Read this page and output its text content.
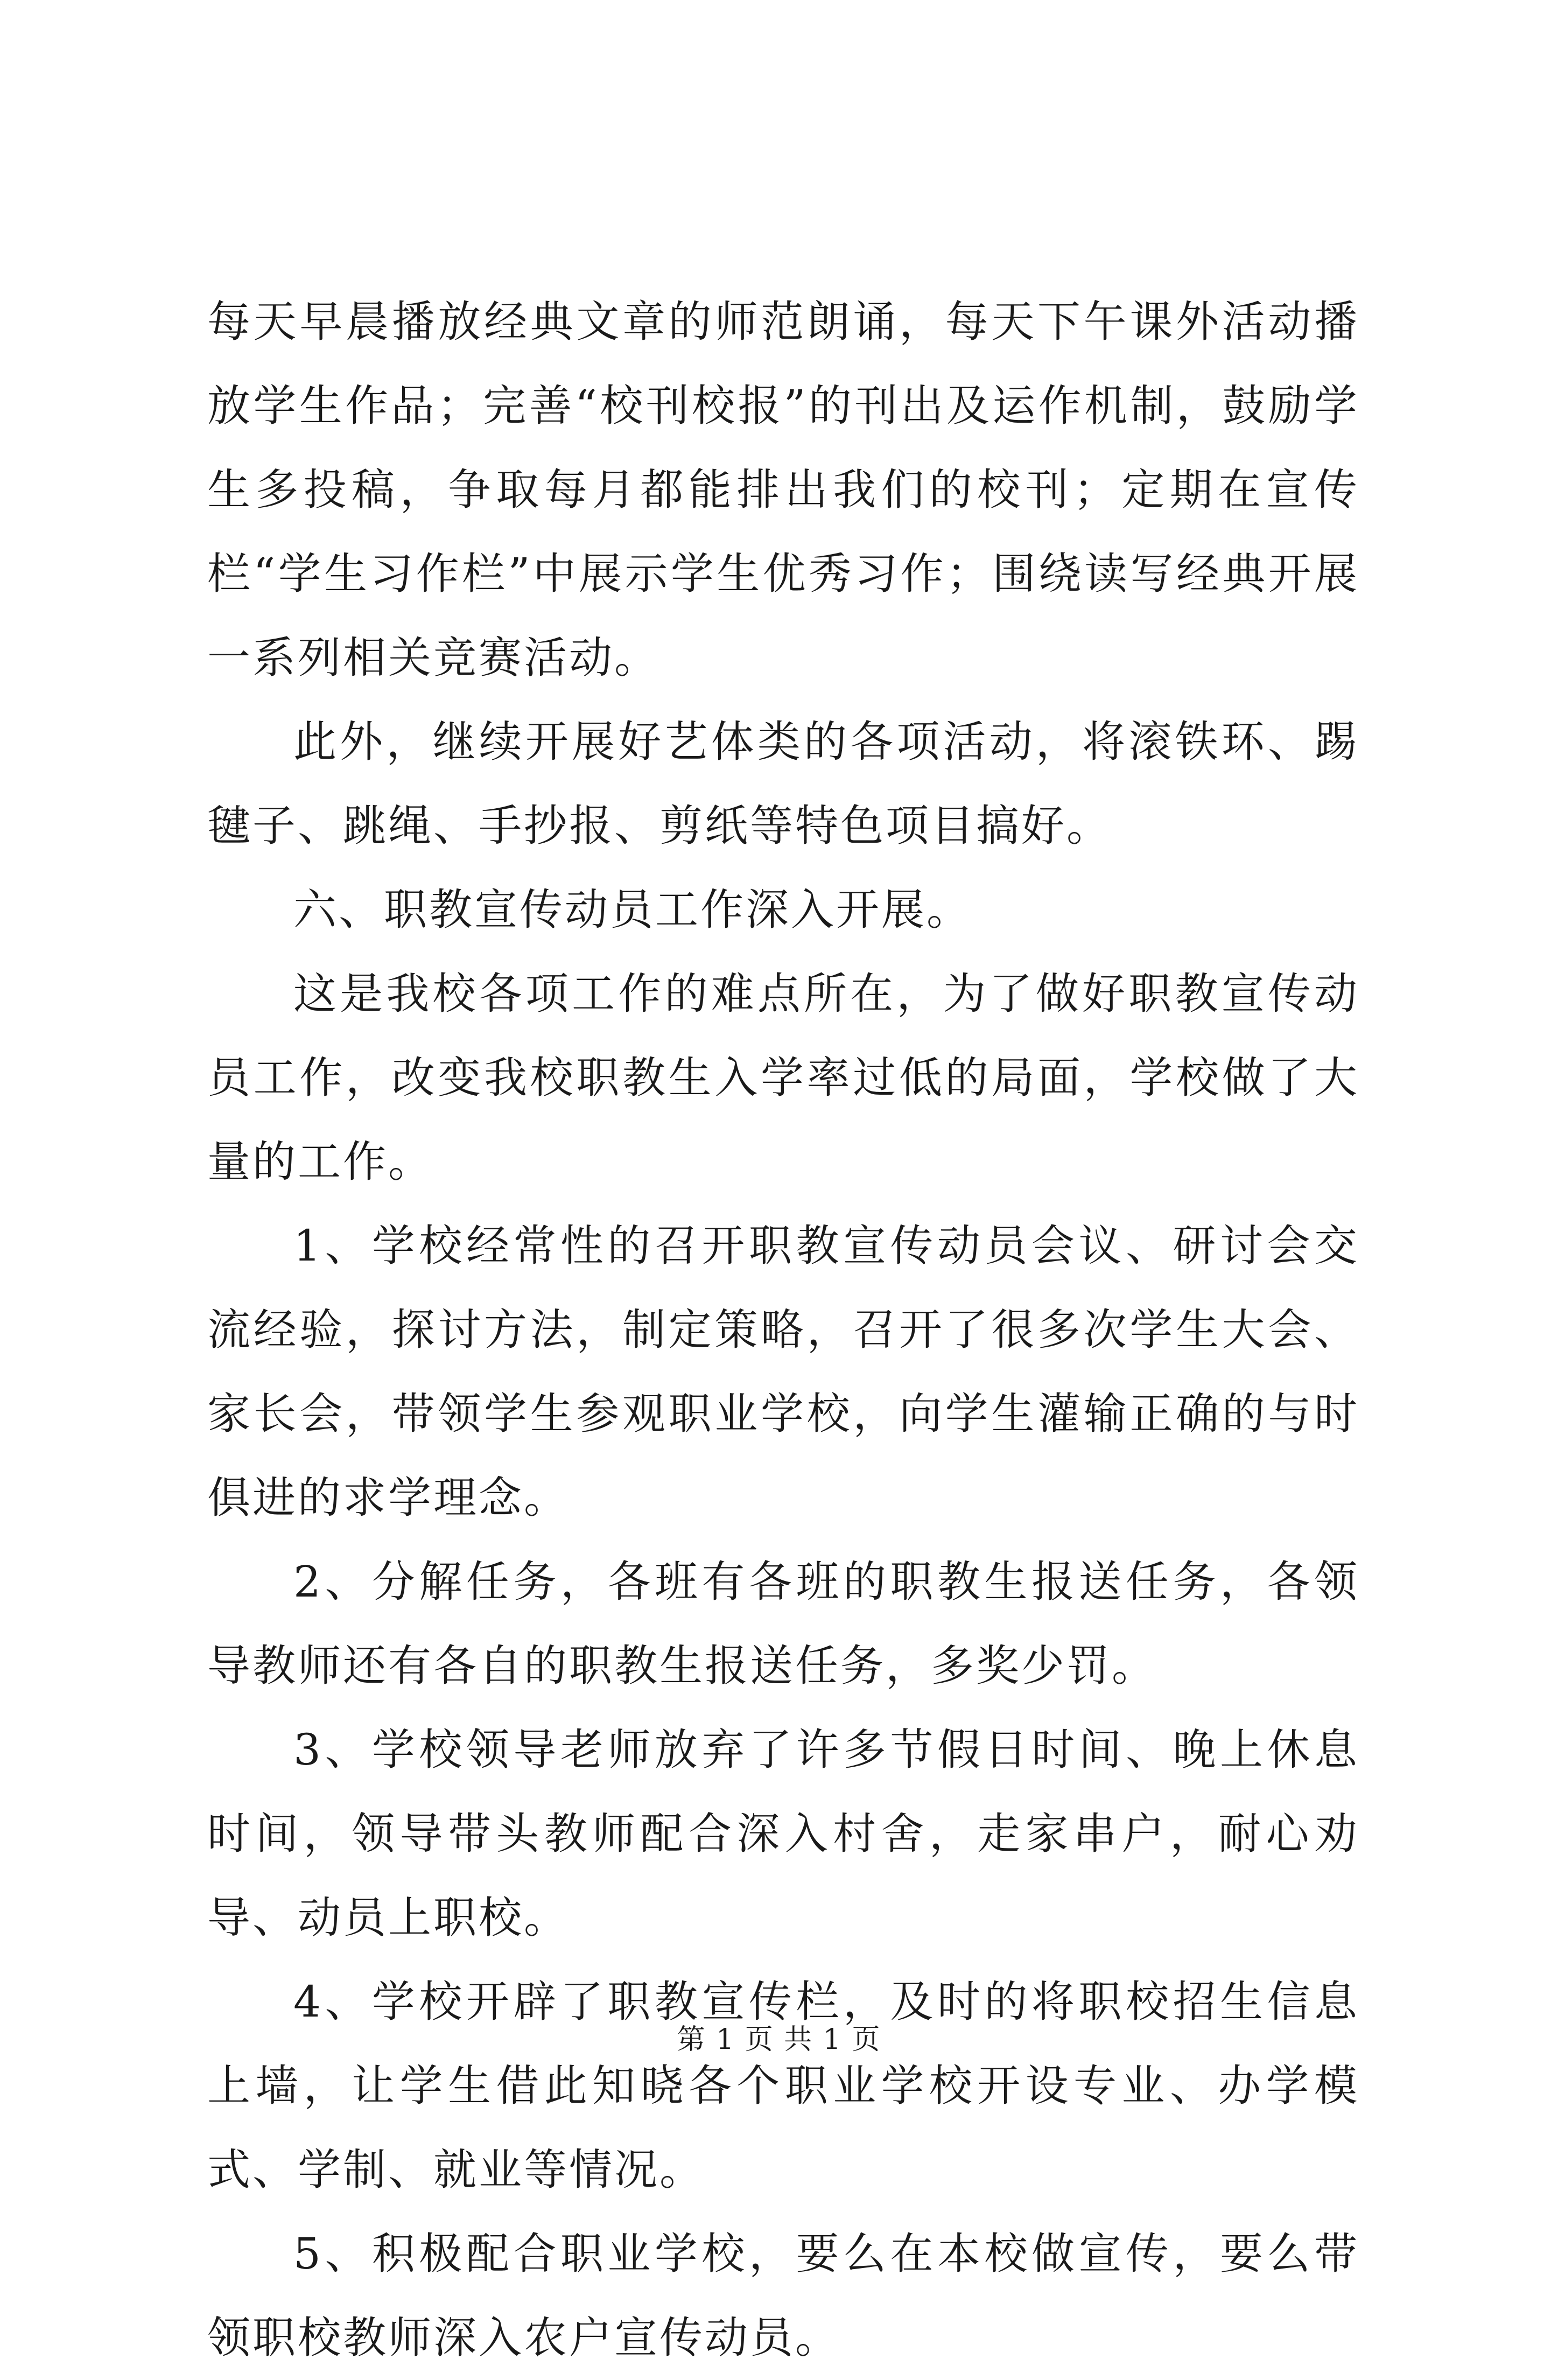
每天早晨播放经典文章的师范朗诵，每天下午课外活动播放学生作品；完善“校刊校报”的刊出及运作机制，鼓励学生多投稿，争取每月都能排出我们的校刊；定期在宣传栏“学生习作栏”中展示学生优秀习作；围绕读写经典开展一系列相关竞赛活动。

此外，继续开展好艺体类的各项活动，将滚铁环、踢毽子、跳绳、手抄报、剪纸等特色项目搞好。

六、职教宣传动员工作深入开展。

这是我校各项工作的难点所在，为了做好职教宣传动员工作，改变我校职教生入学率过低的局面，学校做了大量的工作。

1、学校经常性的召开职教宣传动员会议、研讨会交流经验，探讨方法，制定策略，召开了很多次学生大会、家长会，带领学生参观职业学校，向学生灌输正确的与时俱进的求学理念。

2、分解任务，各班有各班的职教生报送任务，各领导教师还有各自的职教生报送任务，多奖少罚。

3、学校领导老师放弃了许多节假日时间、晚上休息时间，领导带头教师配合深入村舍，走家串户，耐心劝导、动员上职校。

4、学校开辟了职教宣传栏，及时的将职校招生信息上墙，让学生借此知晓各个职业学校开设专业、办学模式、学制、就业等情况。

5、积极配合职业学校，要么在本校做宣传，要么带领职校教师深入农户宣传动员。

第 1 页 共 1 页
